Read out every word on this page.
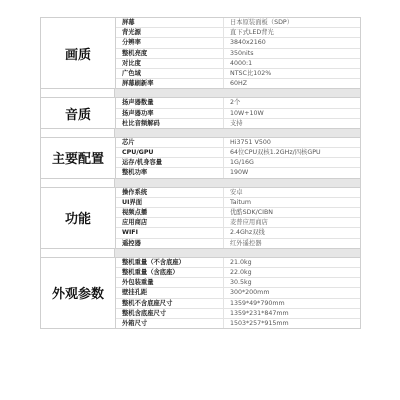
画质
屏幕	日本原装面板（SDP）
背光源	直下式LED背光
分辨率	3840x2160
整机亮度	350nits
对比度	4000:1
广色域	NTSC比102%
屏幕刷新率	60HZ
音质
扬声器数量	2个
扬声器功率	10W+10W
杜比音频解码	支持
主要配置
芯片	Hi3751 V500
CPU/GPU	64位CPU双核1.2GHz/四核GPU
运存/机身容量	1G/16G
整机功率	190W
功能
操作系统	安卓
UI界面	Taitum
视频点播	优酷SDK/CIBN
应用商店	麦普应用商店
WIFI	2.4Ghz双线
遥控器	红外遥控器
外观参数
整机重量（不含底座）	21.0kg
整机重量（含底座）	22.0kg
外包装重量	30.5kg
壁挂孔距	300*200mm
整机不含底座尺寸	1359*49*790mm
整机含底座尺寸	1359*231*847mm
外箱尺寸	1503*257*915mm
